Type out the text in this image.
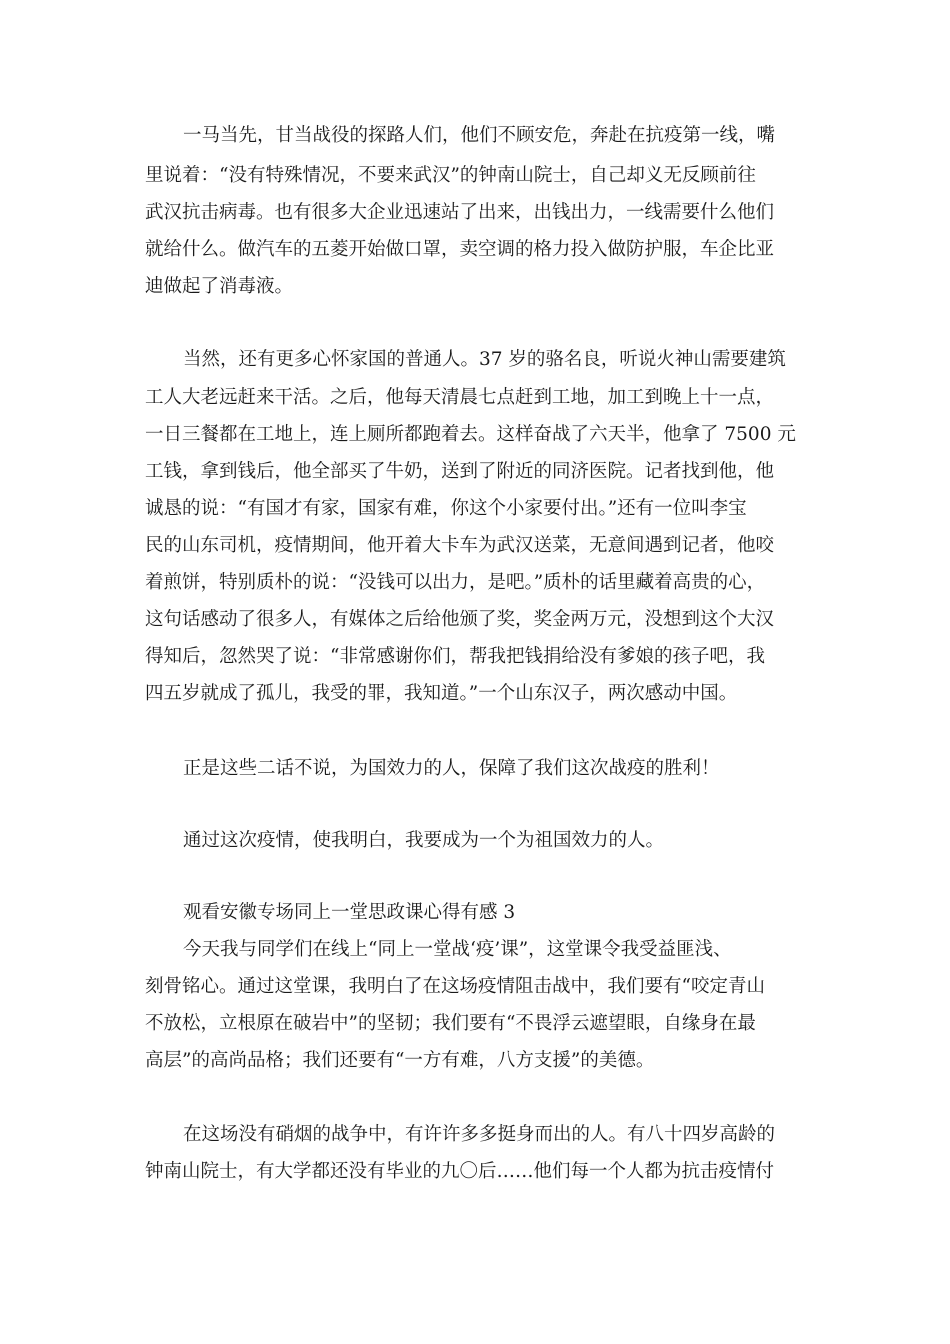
一马当先，甘当战役的探路人们，他们不顾安危，奔赴在抗疫第一线，嘴
里说着：“没有特殊情况，不要来武汉”的钟南山院士，自己却义无反顾前往
武汉抗击病毒。也有很多大企业迅速站了出来，出钱出力，一线需要什么他们
就给什么。做汽车的五菱开始做口罩，卖空调的格力投入做防护服，车企比亚
迪做起了消毒液。
当然，还有更多心怀家国的普通人。37 岁的骆名良，听说火神山需要建筑
工人大老远赶来干活。之后，他每天清晨七点赶到工地，加工到晚上十一点，
一日三餐都在工地上，连上厕所都跑着去。这样奋战了六天半，他拿了 7500 元
工钱，拿到钱后，他全部买了牛奶，送到了附近的同济医院。记者找到他，他
诚恳的说：“有国才有家，国家有难，你这个小家要付出。”还有一位叫李宝
民的山东司机，疫情期间，他开着大卡车为武汉送菜，无意间遇到记者，他咬
着煎饼，特别质朴的说：“没钱可以出力，是吧。”质朴的话里藏着高贵的心，
这句话感动了很多人，有媒体之后给他颁了奖，奖金两万元，没想到这个大汉
得知后，忽然哭了说：“非常感谢你们，帮我把钱捐给没有爹娘的孩子吧，我
四五岁就成了孤儿，我受的罪，我知道。”一个山东汉子，两次感动中国。
正是这些二话不说，为国效力的人，保障了我们这次战疫的胜利！
通过这次疫情，使我明白，我要成为一个为祖国效力的人。
观看安徽专场同上一堂思政课心得有感 3
今天我与同学们在线上“同上一堂战‘疫’课”，这堂课令我受益匪浅、
刻骨铭心。通过这堂课，我明白了在这场疫情阻击战中，我们要有“咬定青山
不放松，立根原在破岩中”的坚韧；我们要有“不畏浮云遮望眼，自缘身在最
高层”的高尚品格；我们还要有“一方有难，八方支援”的美德。
在这场没有硝烟的战争中，有许许多多挺身而出的人。有八十四岁高龄的
钟南山院士，有大学都还没有毕业的九〇后……他们每一个人都为抗击疫情付
